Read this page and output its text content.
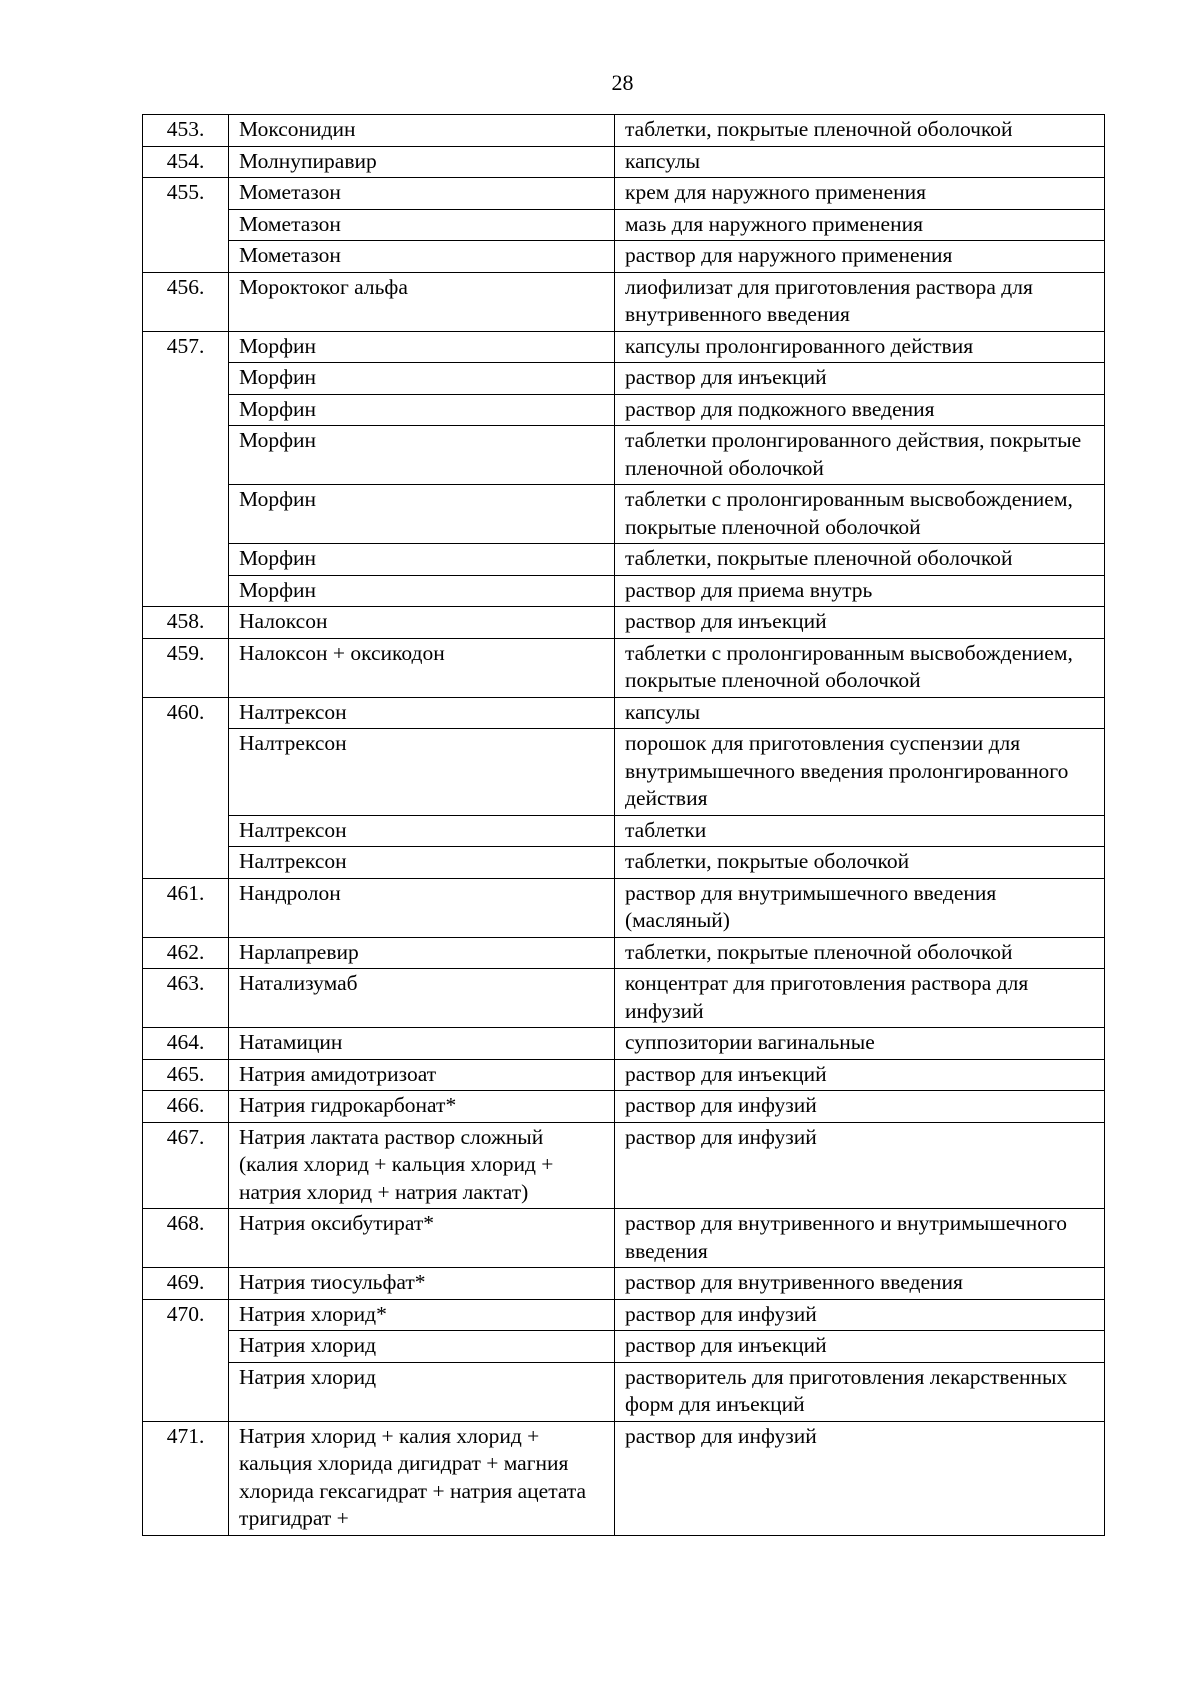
28
453.	Моксонидин	таблетки, покрытые пленочной оболочкой
454.	Молнупиравир	капсулы
455.	Мометазон	крем для наружного применения
	Мометазон	мазь для наружного применения
	Мометазон	раствор для наружного применения
456.	Мороктоког альфа	лиофилизат для приготовления раствора для внутривенного введения
457.	Морфин	капсулы пролонгированного действия
	Морфин	раствор для инъекций
	Морфин	раствор для подкожного введения
	Морфин	таблетки пролонгированного действия, покрытые пленочной оболочкой
	Морфин	таблетки с пролонгированным высвобождением, покрытые пленочной оболочкой
	Морфин	таблетки, покрытые пленочной оболочкой
	Морфин	раствор для приема внутрь
458.	Налоксон	раствор для инъекций
459.	Налоксон + оксикодон	таблетки с пролонгированным высвобождением, покрытые пленочной оболочкой
460.	Налтрексон	капсулы
	Налтрексон	порошок для приготовления суспензии для внутримышечного введения пролонгированного действия
	Налтрексон	таблетки
	Налтрексон	таблетки, покрытые оболочкой
461.	Нандролон	раствор для внутримышечного введения (масляный)
462.	Нарлапревир	таблетки, покрытые пленочной оболочкой
463.	Натализумаб	концентрат для приготовления раствора для инфузий
464.	Натамицин	суппозитории вагинальные
465.	Натрия амидотризоат	раствор для инъекций
466.	Натрия гидрокарбонат*	раствор для инфузий
467.	Натрия лактата раствор сложный (калия хлорид + кальция хлорид + натрия хлорид + натрия лактат)	раствор для инфузий
468.	Натрия оксибутират*	раствор для внутривенного и внутримышечного введения
469.	Натрия тиосульфат*	раствор для внутривенного введения
470.	Натрия хлорид*	раствор для инфузий
	Натрия хлорид	раствор для инъекций
	Натрия хлорид	растворитель для приготовления лекарственных форм для инъекций
471.	Натрия хлорид + калия хлорид + кальция хлорида дигидрат + магния хлорида гексагидрат + натрия ацетата тригидрат +	раствор для инфузий
